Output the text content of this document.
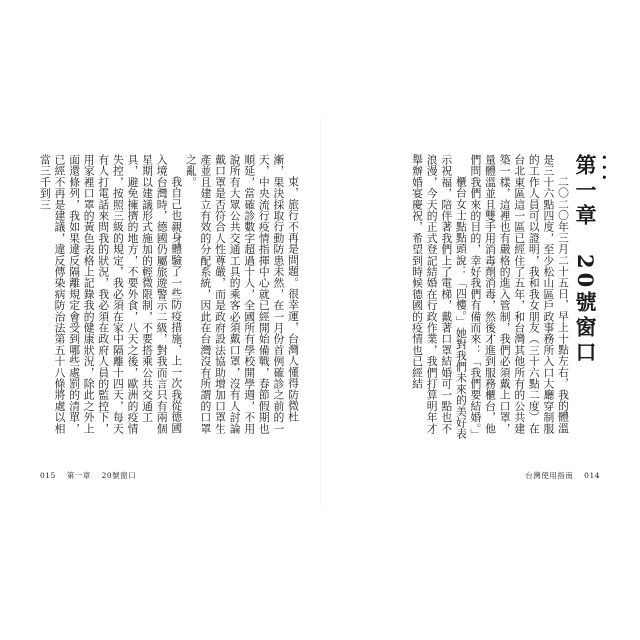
束，旅行不再是問題。很幸運，台灣人懂得防微杜漸，果決採取行動防患未然，在一月份首例確診之前的一天，中央流行疫情指揮中心就已經開始備戰，春節假期也順延，當確診數字超過十人，全國所有學校開學週，不用說所有大眾公共交通工具的乘客必須戴口罩，沒有人討論戴口罩是否符合人性尊嚴，而是政府設法協助增加口罩生產並且建立有效的分配系統，因此在台灣沒有所謂的口罩之亂。

我自己也親身體驗了一些防疫措施，上一次我從德國入境台灣時，德國仍屬旅遊警示二級，對我而言只有兩個星期以建議形式施加的輕微限制，不要搭乘公共交通工具，避免擁擠的地方，不要外食，八天之後，歐洲的疫情失控，按照三級的規定，我必須在家中隔離十四天，每天有人打電話來問我的狀況，我必須在政府人員的監控下，用家裡口罩的黃色表格上記錄我的健康狀況，除此之外上面還條列，我如果違反隔離規定會受到哪些處罰的清單，已經不再是建議，違反傳染病防治法第五十八條將處以相當三千到三

015 第一章 20號窗口
• • •
第一章　20號窗口

二〇二〇年三月二十五日，早上十點左右，我的體溫是三十六點四度，至少松山區戶政事務所入口大廳穿制服的工作人員可以證明，我和我女朋友（三十六點二度）在台北東區這一區已經住了五年，和台灣其他所有的公共建築一樣，這裡也有嚴格的進入管制，我們必須戴上口罩，量體溫並且雙手用消毒劑消毒，然後才進到服務櫃台，他們問我們來的目的，幸好我們有備而來：「我們要結婚。」

櫃台女士點點頭說：「四樓。」她對我們未來的美好表示祝福，陪伴著我們上了電梯，戴著口罩結婚可一點也不浪漫，今天的正式登記結婚在行政作業，我們打算明年才舉辦婚宴慶祝，希望到時候德國的疫情也已經結

台灣使用指南 014
